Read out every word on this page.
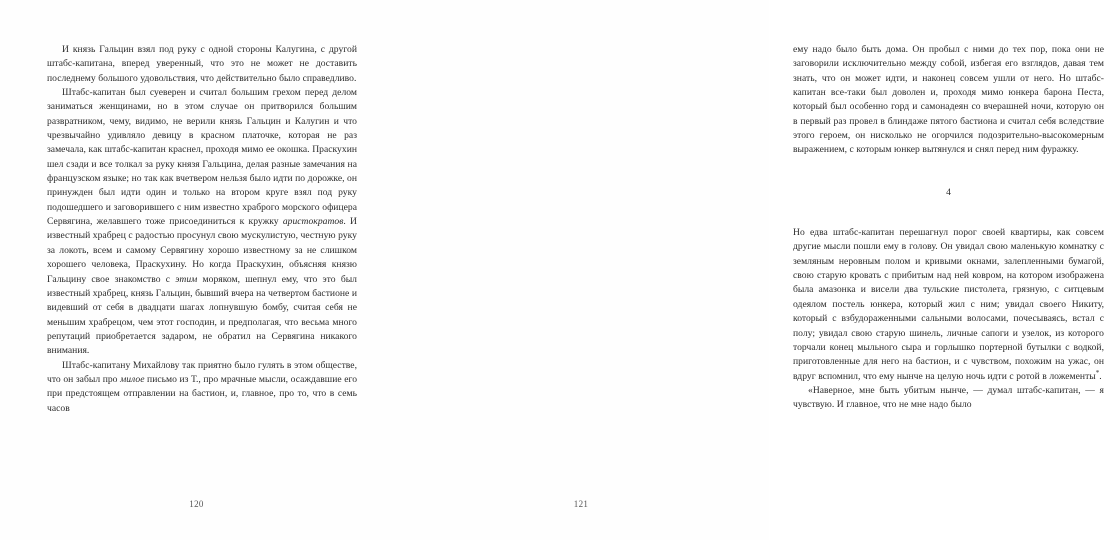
И князь Гальцин взял под руку с одной стороны Калугина, с другой штабс-капитана, вперед уверенный, что это не может не доставить последнему большого удовольствия, что действительно было справедливо.

Штабс-капитан был суеверен и считал большим грехом перед делом заниматься женщинами, но в этом случае он притворился большим развратником, чему, видимо, не верили князь Гальцин и Калугин и что чрезвычайно удивляло девицу в красном платочке, которая не раз замечала, как штабс-капитан краснел, проходя мимо ее окошка. Праскухин шел сзади и все толкал за руку князя Гальцина, делая разные замечания на французском языке; но так как вчетвером нельзя было идти по дорожке, он принужден был идти один и только на втором круге взял под руку подошедшего и заговорившего с ним известно храброго морского офицера Сервягина, желавшего тоже присоединиться к кружку аристократов. И известный храбрец с радостью просунул свою мускулистую, честную руку за локоть, всем и самому Сервягину хорошо известному за не слишком хорошего человека, Праскухину. Но когда Праскухин, объясняя князю Гальцину свое знакомство с этим моряком, шепнул ему, что это был известный храбрец, князь Гальцин, бывший вчера на четвертом бастионе и видевший от себя в двадцати шагах лопнувшую бомбу, считая себя не меньшим храбрецом, чем этот господин, и предполагая, что весьма много репутаций приобретается задаром, не обратил на Сервягина никакого внимания.

Штабс-капитану Михайлову так приятно было гулять в этом обществе, что он забыл про милое письмо из Т., про мрачные мысли, осаждавшие его при предстоящем отправлении на бастион, и, главное, про то, что в семь часов

120

ему надо было быть дома. Он пробыл с ними до тех пор, пока они не заговорили исключительно между собой, избегая его взглядов, давая тем знать, что он может идти, и наконец совсем ушли от него. Но штабс-капитан все-таки был доволен и, проходя мимо юнкера барона Песта, который был особенно горд и самонадеян со вчерашней ночи, которую он в первый раз провел в блиндаже пятого бастиона и считал себя вследствие этого героем, он нисколько не огорчился подозрительно-высокомерным выражением, с которым юнкер вытянулся и снял перед ним фуражку.

4

Но едва штабс-капитан перешагнул порог своей квартиры, как совсем другие мысли пошли ему в голову. Он увидал свою маленькую комнатку с земляным неровным полом и кривыми окнами, залепленными бумагой, свою старую кровать с прибитым над ней ковром, на котором изображена была амазонка и висели два тульские пистолета, грязную, с ситцевым одеялом постель юнкера, который жил с ним; увидал своего Никиту, который с взбудораженными сальными волосами, почесываясь, встал с полу; увидал свою старую шинель, личные сапоги и узелок, из которого торчали конец мыльного сыра и горлышко портерной бутылки с водкой, приготовленные для него на бастион, и с чувством, похожим на ужас, он вдруг вспомнил, что ему нынче на целую ночь идти с ротой в ложементы*.

«Наверное, мне быть убитым нынче, — думал штабс-капитан, — я чувствую. И главное, что не мне надо было

121
